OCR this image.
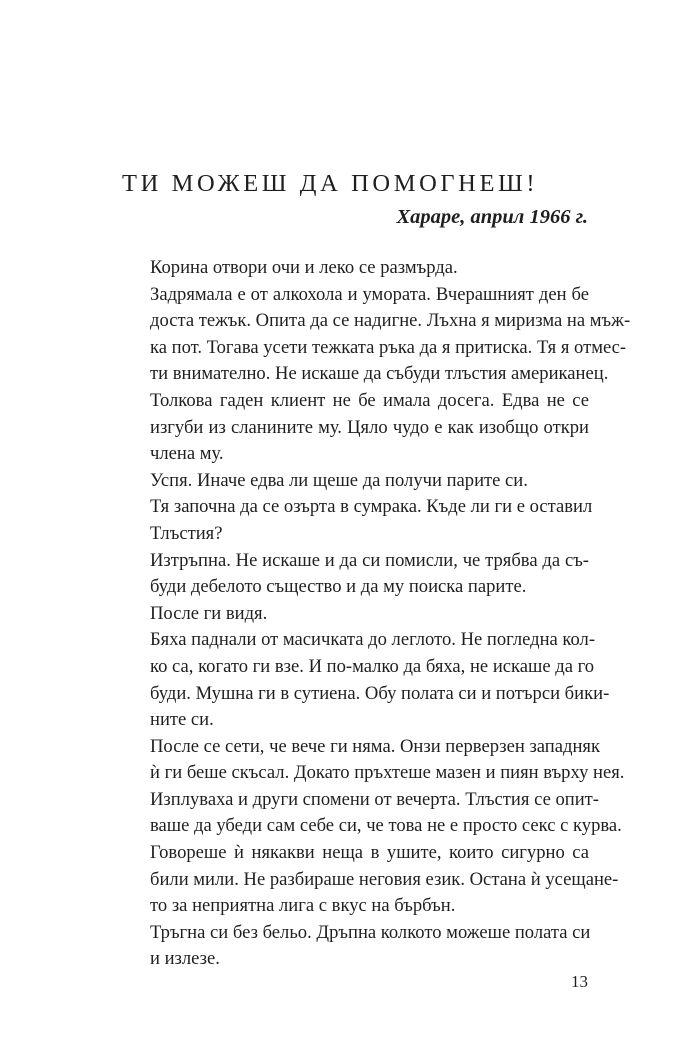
ТИ МОЖЕШ ДА ПОМОГНЕШ!
Хараре, април 1966 г.

Корина отвори очи и леко се размърда.

Задрямала е от алкохола и умората. Вчерашният ден бе
доста тежък. Опита да се надигне. Лъхна я миризма на мъж-
ка пот. Тогава усети тежката ръка да я притиска. Тя я отмес-
ти внимателно. Не искаше да събуди тлъстия американец.

Толкова гаден клиент не бе имала досега. Едва не се
изгуби из сланините му. Цяло чудо е как изобщо откри
члена му.

Успя. Иначе едва ли щеше да получи парите си.

Тя започна да се озърта в сумрака. Къде ли ги е оставил
Тлъстия?

Изтръпна. Не искаше и да си помисли, че трябва да съ-
буди дебелото същество и да му поиска парите.

После ги видя.

Бяха паднали от масичката до леглото. Не погледна кол-
ко са, когато ги взе. И по-малко да бяха, не искаше да го
буди. Мушна ги в сутиена. Обу полата си и потърси бики-
ните си.

После се сети, че вече ги няма. Онзи перверзен западняк
ѝ ги беше скъсал. Докато пръхтеше мазен и пиян върху нея.
Изплуваха и други спомени от вечерта. Тлъстия се опит-
ваше да убеди сам себе си, че това не е просто секс с курва.

Говореше ѝ някакви неща в ушите, които сигурно са
били мили. Не разбираше неговия език. Остана ѝ усещане-
то за неприятна лига с вкус на бърбън.

Тръгна си без бельо. Дръпна колкото можеше полата си
и излезе.

13
